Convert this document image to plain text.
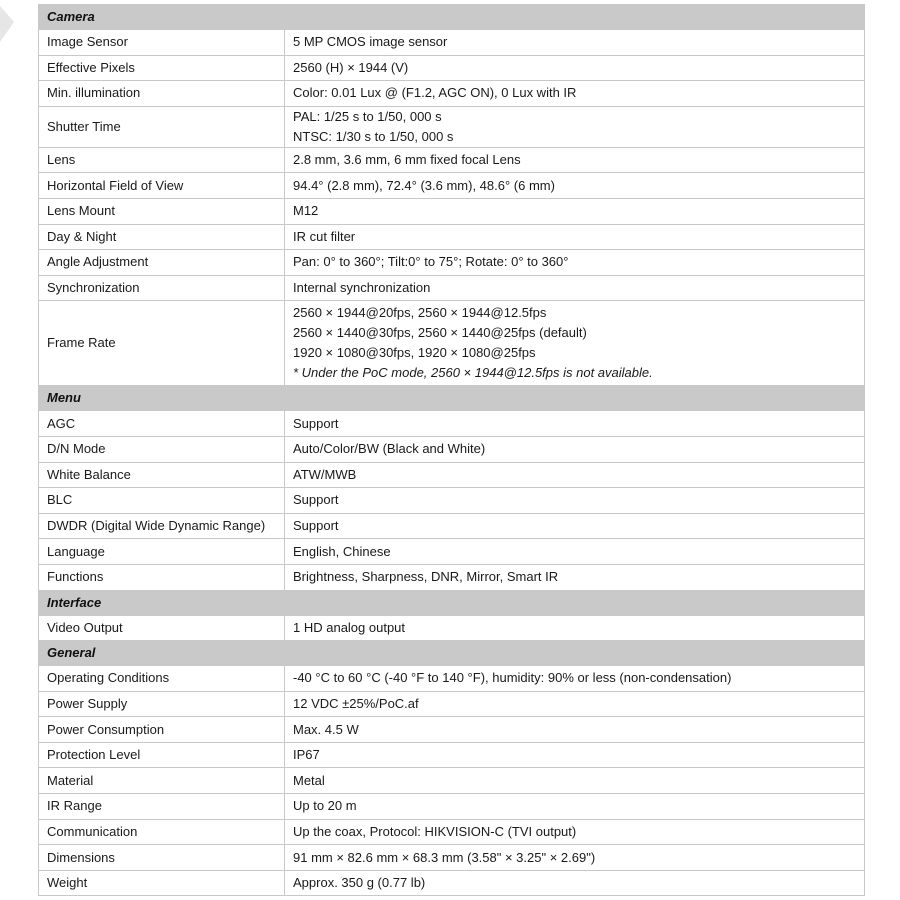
Camera	
Image Sensor	5 MP CMOS image sensor

Effective Pixels	2560 (H) × 1944 (V)

Min. illumination	Color: 0.01 Lux @ (F1.2, AGC ON), 0 Lux with IR

Shutter Time	PAL: 1/25 s to 1/50, 000 s
NTSC: 1/30 s to 1/50, 000 s

Lens	2.8 mm, 3.6 mm, 6 mm fixed focal Lens

Horizontal Field of View	94.4° (2.8 mm), 72.4° (3.6 mm), 48.6° (6 mm)

Lens Mount	M12

Day & Night	IR cut filter

Angle Adjustment	Pan: 0° to 360°; Tilt:0° to 75°; Rotate: 0° to 360°

Synchronization	Internal synchronization

Frame Rate	2560 × 1944@20fps, 2560 × 1944@12.5fps
2560 × 1440@30fps, 2560 × 1440@25fps (default)
1920 × 1080@30fps, 1920 × 1080@25fps
* Under the PoC mode, 2560 × 1944@12.5fps is not available.

Menu	
AGC	Support

D/N Mode	Auto/Color/BW (Black and White)

White Balance	ATW/MWB

BLC	Support

DWDR (Digital Wide Dynamic Range)	Support

Language	English, Chinese

Functions	Brightness, Sharpness, DNR, Mirror, Smart IR

Interface	
Video Output	1 HD analog output

General	
Operating Conditions	-40 °C to 60 °C (-40 °F to 140 °F), humidity: 90% or less (non-condensation)

Power Supply	12 VDC ±25%/PoC.af

Power Consumption	Max. 4.5 W

Protection Level	IP67

Material	Metal

IR Range	Up to 20 m

Communication	Up the coax, Protocol: HIKVISION-C (TVI output)

Dimensions	91 mm × 82.6 mm × 68.3 mm (3.58" × 3.25" × 2.69")

Weight	Approx. 350 g (0.77 lb)
